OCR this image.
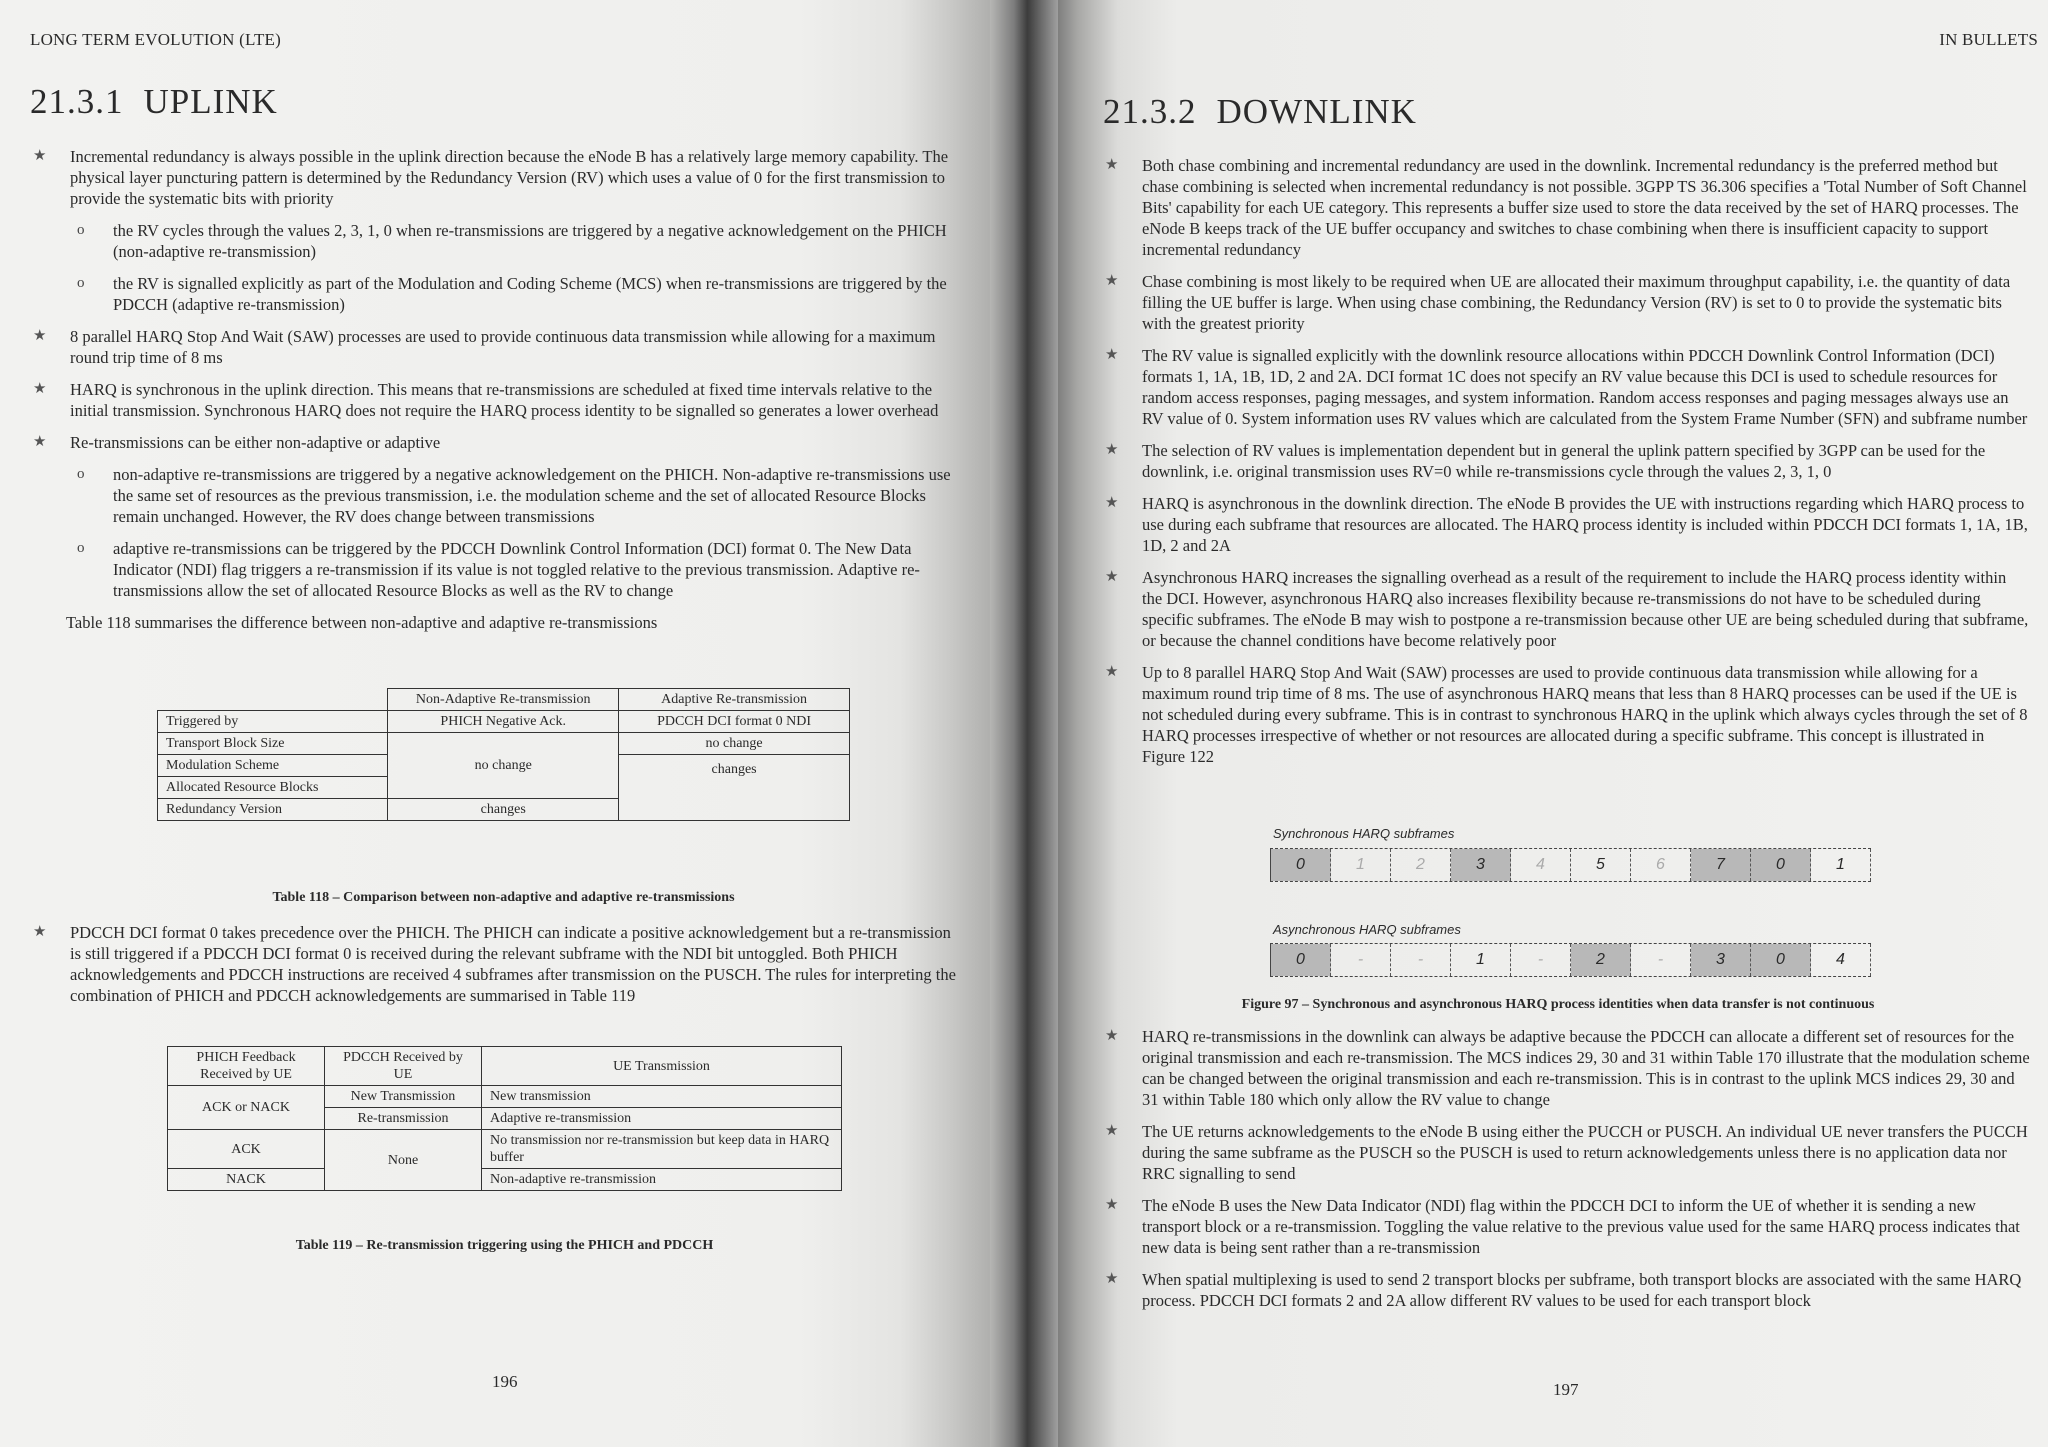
LONG TERM EVOLUTION (LTE)
21.3.1 UPLINK
★ Incremental redundancy is always possible in the uplink direction because the eNode B has a relatively large memory capability. The physical layer puncturing pattern is determined by the Redundancy Version (RV) which uses a value of 0 for the first transmission to provide the systematic bits with priority
o the RV cycles through the values 2, 3, 1, 0 when re-transmissions are triggered by a negative acknowledgement on the PHICH (non-adaptive re-transmission)
o the RV is signalled explicitly as part of the Modulation and Coding Scheme (MCS) when re-transmissions are triggered by the PDCCH (adaptive re-transmission)
★ 8 parallel HARQ Stop And Wait (SAW) processes are used to provide continuous data transmission while allowing for a maximum round trip time of 8 ms
★ HARQ is synchronous in the uplink direction. This means that re-transmissions are scheduled at fixed time intervals relative to the initial transmission. Synchronous HARQ does not require the HARQ process identity to be signalled so generates a lower overhead
★ Re-transmissions can be either non-adaptive or adaptive
o non-adaptive re-transmissions are triggered by a negative acknowledgement on the PHICH. Non-adaptive re-transmissions use the same set of resources as the previous transmission, i.e. the modulation scheme and the set of allocated Resource Blocks remain unchanged. However, the RV does change between transmissions
o adaptive re-transmissions can be triggered by the PDCCH Downlink Control Information (DCI) format 0. The New Data Indicator (NDI) flag triggers a re-transmission if its value is not toggled relative to the previous transmission. Adaptive re-transmissions allow the set of allocated Resource Blocks as well as the RV to change
Table 118 summarises the difference between non-adaptive and adaptive re-transmissions
	Non-Adaptive Re-transmission	Adaptive Re-transmission
Triggered by	PHICH Negative Ack.	PDCCH DCI format 0 NDI
Transport Block Size	no change	no change
Modulation Scheme		changes
Allocated Resource Blocks		
Redundancy Version	changes	
Table 118 – Comparison between non-adaptive and adaptive re-transmissions
★ PDCCH DCI format 0 takes precedence over the PHICH. The PHICH can indicate a positive acknowledgement but a re-transmission is still triggered if a PDCCH DCI format 0 is received during the relevant subframe with the NDI bit untoggled. Both PHICH acknowledgements and PDCCH instructions are received 4 subframes after transmission on the PUSCH. The rules for interpreting the combination of PHICH and PDCCH acknowledgements are summarised in Table 119
PHICH Feedback Received by UE	PDCCH Received by UE	UE Transmission
ACK or NACK	New Transmission	New transmission
	Re-transmission	Adaptive re-transmission
ACK	None	No transmission nor re-transmission but keep data in HARQ buffer
NACK		Non-adaptive re-transmission
Table 119 – Re-transmission triggering using the PHICH and PDCCH
196
IN BULLETS
21.3.2 DOWNLINK
★ Both chase combining and incremental redundancy are used in the downlink. Incremental redundancy is the preferred method but chase combining is selected when incremental redundancy is not possible. 3GPP TS 36.306 specifies a 'Total Number of Soft Channel Bits' capability for each UE category. This represents a buffer size used to store the data received by the set of HARQ processes. The eNode B keeps track of the UE buffer occupancy and switches to chase combining when there is insufficient capacity to support incremental redundancy
★ Chase combining is most likely to be required when UE are allocated their maximum throughput capability, i.e. the quantity of data filling the UE buffer is large. When using chase combining, the Redundancy Version (RV) is set to 0 to provide the systematic bits with the greatest priority
★ The RV value is signalled explicitly with the downlink resource allocations within PDCCH Downlink Control Information (DCI) formats 1, 1A, 1B, 1D, 2 and 2A. DCI format 1C does not specify an RV value because this DCI is used to schedule resources for random access responses, paging messages, and system information. Random access responses and paging messages always use an RV value of 0. System information uses RV values which are calculated from the System Frame Number (SFN) and subframe number
★ The selection of RV values is implementation dependent but in general the uplink pattern specified by 3GPP can be used for the downlink, i.e. original transmission uses RV=0 while re-transmissions cycle through the values 2, 3, 1, 0
★ HARQ is asynchronous in the downlink direction. The eNode B provides the UE with instructions regarding which HARQ process to use during each subframe that resources are allocated. The HARQ process identity is included within PDCCH DCI formats 1, 1A, 1B, 1D, 2 and 2A
★ Asynchronous HARQ increases the signalling overhead as a result of the requirement to include the HARQ process identity within the DCI. However, asynchronous HARQ also increases flexibility because re-transmissions do not have to be scheduled during specific subframes. The eNode B may wish to postpone a re-transmission because other UE are being scheduled during that subframe, or because the channel conditions have become relatively poor
★ Up to 8 parallel HARQ Stop And Wait (SAW) processes are used to provide continuous data transmission while allowing for a maximum round trip time of 8 ms. The use of asynchronous HARQ means that less than 8 HARQ processes can be used if the UE is not scheduled during every subframe. This is in contrast to synchronous HARQ in the uplink which always cycles through the set of 8 HARQ processes irrespective of whether or not resources are allocated during a specific subframe. This concept is illustrated in Figure 122
Synchronous HARQ subframes
0	1	2	3	4	5	6	7	0	1
Asynchronous HARQ subframes
0	-	-	1	-	2	-	3	0	4
Figure 97 – Synchronous and asynchronous HARQ process identities when data transfer is not continuous
★ HARQ re-transmissions in the downlink can always be adaptive because the PDCCH can allocate a different set of resources for the original transmission and each re-transmission. The MCS indices 29, 30 and 31 within Table 170 illustrate that the modulation scheme can be changed between the original transmission and each re-transmission. This is in contrast to the uplink MCS indices 29, 30 and 31 within Table 180 which only allow the RV value to change
★ The UE returns acknowledgements to the eNode B using either the PUCCH or PUSCH. An individual UE never transfers the PUCCH during the same subframe as the PUSCH so the PUSCH is used to return acknowledgements unless there is no application data nor RRC signalling to send
★ The eNode B uses the New Data Indicator (NDI) flag within the PDCCH DCI to inform the UE of whether it is sending a new transport block or a re-transmission. Toggling the value relative to the previous value used for the same HARQ process indicates that new data is being sent rather than a re-transmission
★ When spatial multiplexing is used to send 2 transport blocks per subframe, both transport blocks are associated with the same HARQ process. PDCCH DCI formats 2 and 2A allow different RV values to be used for each transport block
197
